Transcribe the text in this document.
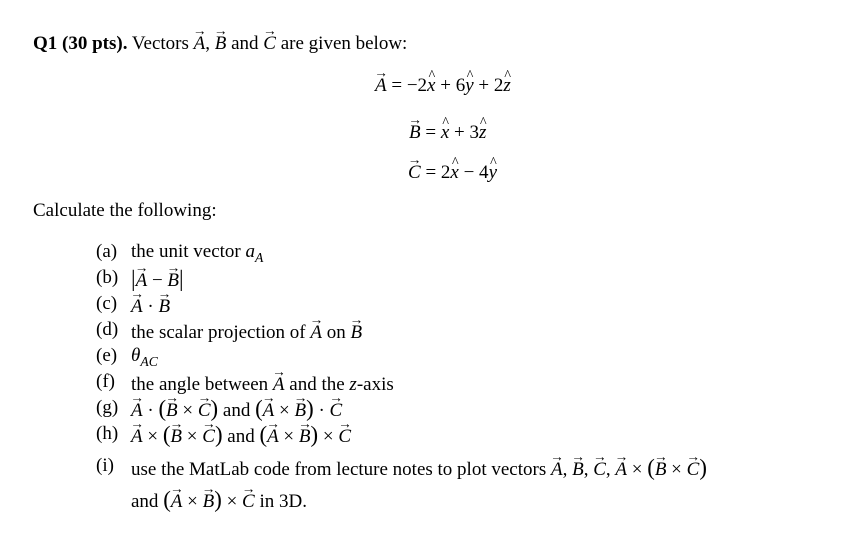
Q1 (30 pts). Vectors A →, B → and C → are given below:
A → = −2x ^ + 6y ^ + 2z ^
B → = x ^ + 3z ^
C → = 2x ^ − 4y ^
Calculate the following:
(a) the unit vector $a_A$
(b) |A → − B →|
(c) A → · B →
(d) the scalar projection of A → on B →
(e) $\theta_{AC}$
(f) the angle between A → and the z-axis
(g) A → · (B → × C →) and (A → × B →) · C →
(h) A → × (B → × C →) and (A → × B →) × C →
(i) use the MatLab code from lecture notes to plot vectors A →, B →, C →, A → × (B → × C →)
and (A → × B →) × C → in 3D.
